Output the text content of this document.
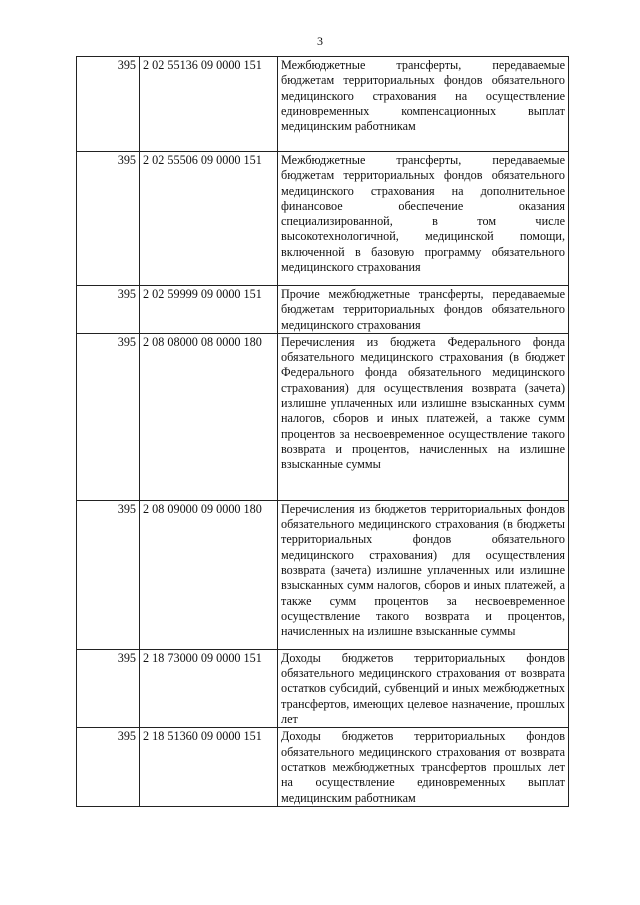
3
395	2 02 55136 09 0000 151	Межбюджетные трансферты, передаваемые бюджетам территориальных фондов обязательного медицинского страхования на осуществление единовременных компенсационных выплат медицинским работникам
395	2 02 55506 09 0000 151	Межбюджетные трансферты, передаваемые бюджетам территориальных фондов обязательного медицинского страхования на дополнительное финансовое обеспечение оказания специализированной, в том числе высокотехнологичной, медицинской помощи, включенной в базовую программу обязательного медицинского страхования
395	2 02 59999 09 0000 151	Прочие межбюджетные трансферты, передаваемые бюджетам территориальных фондов обязательного медицинского страхования
395	2 08 08000 08 0000 180	Перечисления из бюджета Федерального фонда обязательного медицинского страхования (в бюджет Федерального фонда обязательного медицинского страхования) для осуществления возврата (зачета) излишне уплаченных или излишне взысканных сумм налогов, сборов и иных платежей, а также сумм процентов за несвоевременное осуществление такого возврата и процентов, начисленных на излишне взысканные суммы
395	2 08 09000 09 0000 180	Перечисления из бюджетов территориальных фондов обязательного медицинского страхования (в бюджеты территориальных фондов обязательного медицинского страхования) для осуществления возврата (зачета) излишне уплаченных или излишне взысканных сумм налогов, сборов и иных платежей, а также сумм процентов за несвоевременное осуществление такого возврата и процентов, начисленных на излишне взысканные суммы
395	2 18 73000 09 0000 151	Доходы бюджетов территориальных фондов обязательного медицинского страхования от возврата остатков субсидий, субвенций и иных межбюджетных трансфертов, имеющих целевое назначение, прошлых лет
395	2 18 51360 09 0000 151	Доходы бюджетов территориальных фондов обязательного медицинского страхования от возврата остатков межбюджетных трансфертов прошлых лет на осуществление единовременных выплат медицинским работникам
